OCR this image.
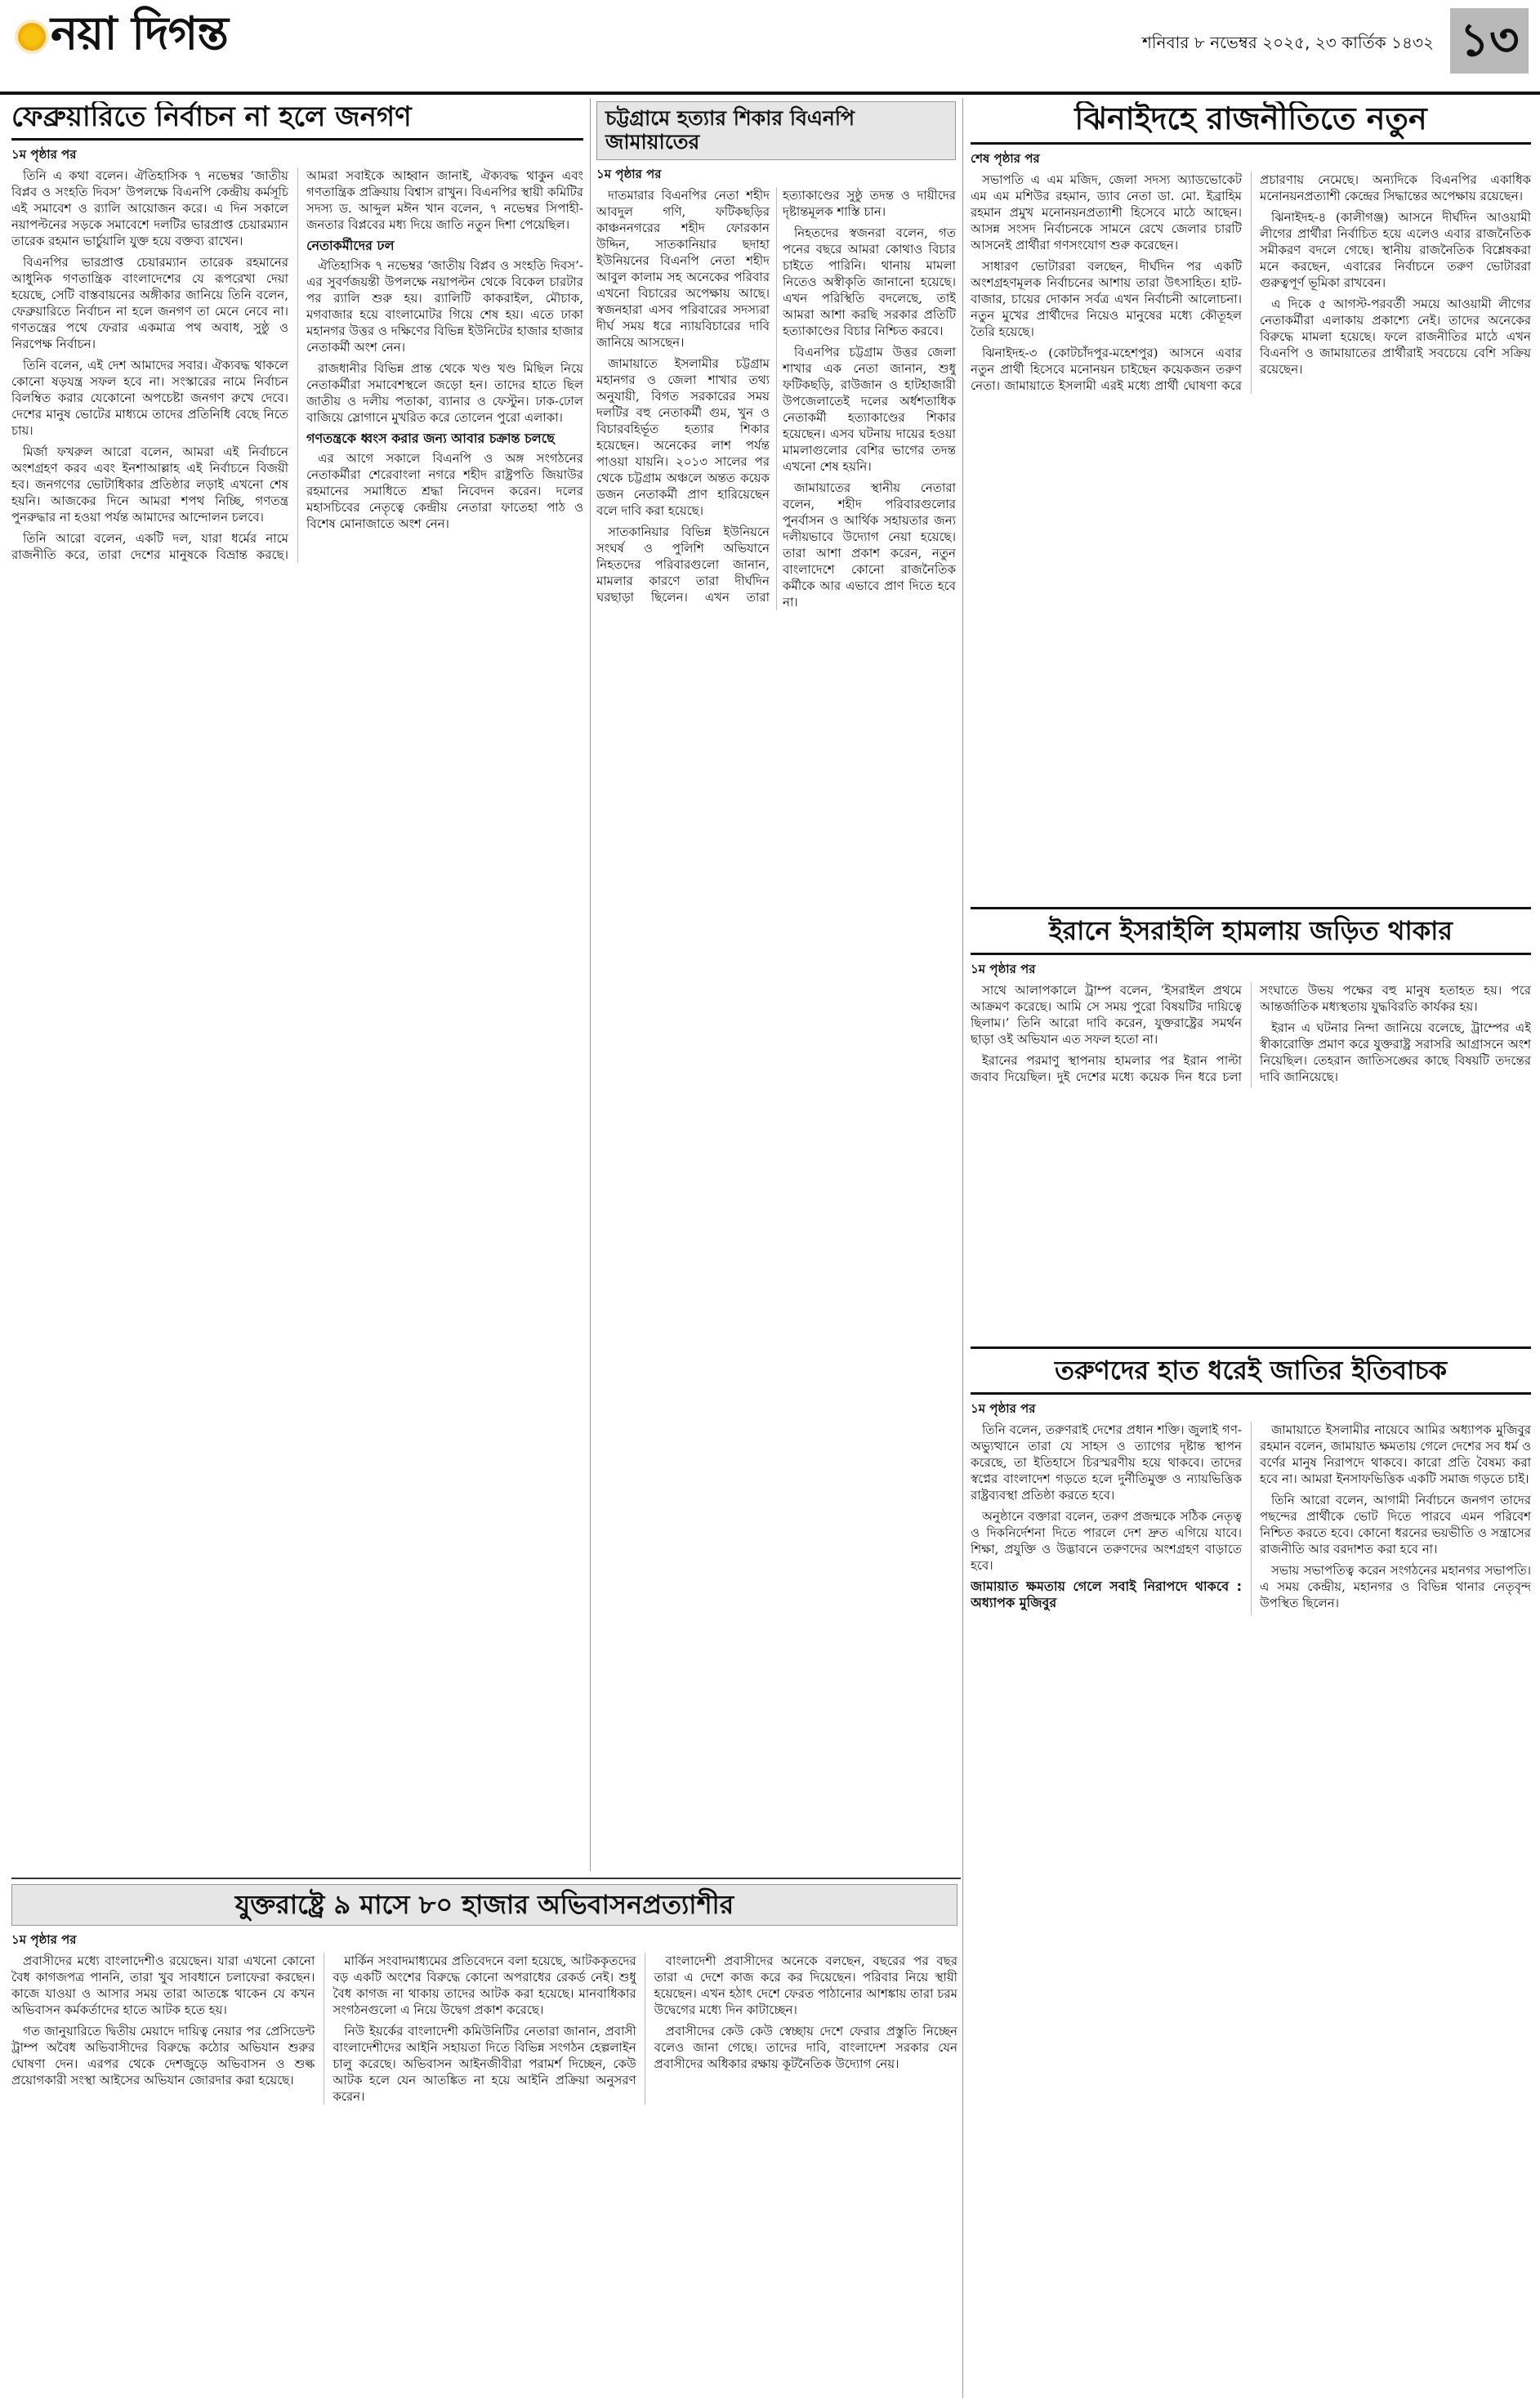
নয়া দিগন্ত	শনিবার ৮ নভেম্বর ২০২৫, ২৩ কার্তিক ১৪৩২ ১৩
ফেব্রুয়ারিতে নির্বাচন না হলে জনগণ
১ম পৃষ্ঠার পর

তিনি এ কথা বলেন। ঐতিহাসিক ৭ নভেম্বর ‘জাতীয় বিপ্লব ও সংহতি দিবস’ উপলক্ষে বিএনপি কেন্দ্রীয় কর্মসূচি এই সমাবেশ ও র‌্যালি আয়োজন করে। এ দিন সকালে নয়াপল্টনের সড়কে সমাবেশে দলটির ভারপ্রাপ্ত চেয়ারম্যান তারেক রহমান ভার্চুয়ালি যুক্ত হয়ে বক্তব্য রাখেন।

বিএনপির ভারপ্রাপ্ত চেয়ারম্যান তারেক রহমানের আধুনিক গণতান্ত্রিক বাংলাদেশের যে রূপরেখা দেয়া হয়েছে, সেটি বাস্তবায়নের অঙ্গীকার জানিয়ে তিনি বলেন, ফেব্রুয়ারিতে নির্বাচন না হলে জনগণ তা মেনে নেবে না। গণতন্ত্রের পথে ফেরার একমাত্র পথ অবাধ, সুষ্ঠু ও নিরপেক্ষ নির্বাচন।

তিনি বলেন, এই দেশ আমাদের সবার। ঐক্যবদ্ধ থাকলে কোনো ষড়যন্ত্র সফল হবে না। সংস্কারের নামে নির্বাচন বিলম্বিত করার যেকোনো অপচেষ্টা জনগণ রুখে দেবে। দেশের মানুষ ভোটের মাধ্যমে তাদের প্রতিনিধি বেছে নিতে চায়।

মির্জা ফখরুল আরো বলেন, আমরা এই নির্বাচনে অংশগ্রহণ করব এবং ইনশাআল্লাহ এই নির্বাচনে বিজয়ী হব। জনগণের ভোটাধিকার প্রতিষ্ঠার লড়াই এখনো শেষ হয়নি। আজকের দিনে আমরা শপথ নিচ্ছি, গণতন্ত্র পুনরুদ্ধার না হওয়া পর্যন্ত আমাদের আন্দোলন চলবে।

তিনি আরো বলেন, একটি দল, যারা ধর্মের নামে রাজনীতি করে, তারা দেশের মানুষকে বিভ্রান্ত করছে। আমরা সবাইকে আহ্বান জানাই, ঐক্যবদ্ধ থাকুন এবং গণতান্ত্রিক প্রক্রিয়ায় বিশ্বাস রাখুন। বিএনপির স্থায়ী কমিটির সদস্য ড. আব্দুল মঈন খান বলেন, ৭ নভেম্বর সিপাহী-জনতার বিপ্লবের মধ্য দিয়ে জাতি নতুন দিশা পেয়েছিল।

নেতাকর্মীদের ঢল

ঐতিহাসিক ৭ নভেম্বর ‘জাতীয় বিপ্লব ও সংহতি দিবস’-এর সুবর্ণজয়ন্তী উপলক্ষে নয়াপল্টন থেকে বিকেল চারটার পর র‌্যালি শুরু হয়। র‌্যালিটি কাকরাইল, মৌচাক, মগবাজার হয়ে বাংলামোটর গিয়ে শেষ হয়। এতে ঢাকা মহানগর উত্তর ও দক্ষিণের বিভিন্ন ইউনিটের হাজার হাজার নেতাকর্মী অংশ নেন।

রাজধানীর বিভিন্ন প্রান্ত থেকে খণ্ড খণ্ড মিছিল নিয়ে নেতাকর্মীরা সমাবেশস্থলে জড়ো হন। তাদের হাতে ছিল জাতীয় ও দলীয় পতাকা, ব্যানার ও ফেস্টুন। ঢাক-ঢোল বাজিয়ে স্লোগানে মুখরিত করে তোলেন পুরো এলাকা।

গণতন্ত্রকে ধ্বংস করার জন্য আবার চক্রান্ত চলছে

এর আগে সকালে বিএনপি ও অঙ্গ সংগঠনের নেতাকর্মীরা শেরেবাংলা নগরে শহীদ রাষ্ট্রপতি জিয়াউর রহমানের সমাধিতে শ্রদ্ধা নিবেদন করেন। দলের মহাসচিবের নেতৃত্বে কেন্দ্রীয় নেতারা ফাতেহা পাঠ ও বিশেষ মোনাজাতে অংশ নেন।

চট্টগ্রামে হত্যার শিকার বিএনপি জামায়াতের
১ম পৃষ্ঠার পর

দাতমারার বিএনপির নেতা শহীদ আবদুল গণি, ফটিকছড়ির কাঞ্চননগরের শহীদ ফোরকান উদ্দিন, সাতকানিয়ার ছদাহা ইউনিয়নের বিএনপি নেতা শহীদ আবুল কালাম সহ অনেকের পরিবার এখনো বিচারের অপেক্ষায় আছে। স্বজনহারা এসব পরিবারের সদস্যরা দীর্ঘ সময় ধরে ন্যায়বিচারের দাবি জানিয়ে আসছেন।

জামায়াতে ইসলামীর চট্টগ্রাম মহানগর ও জেলা শাখার তথ্য অনুযায়ী, বিগত সরকারের সময় দলটির বহু নেতাকর্মী গুম, খুন ও বিচারবহির্ভূত হত্যার শিকার হয়েছেন। অনেকের লাশ পর্যন্ত পাওয়া যায়নি। ২০১৩ সালের পর থেকে চট্টগ্রাম অঞ্চলে অন্তত কয়েক ডজন নেতাকর্মী প্রাণ হারিয়েছেন বলে দাবি করা হয়েছে।

সাতকানিয়ার বিভিন্ন ইউনিয়নে সংঘর্ষ ও পুলিশি অভিযানে নিহতদের পরিবারগুলো জানান, মামলার কারণে তারা দীর্ঘদিন ঘরছাড়া ছিলেন। এখন তারা হত্যাকাণ্ডের সুষ্ঠু তদন্ত ও দায়ীদের দৃষ্টান্তমূলক শাস্তি চান।

নিহতদের স্বজনরা বলেন, গত পনের বছরে আমরা কোথাও বিচার চাইতে পারিনি। থানায় মামলা নিতেও অস্বীকৃতি জানানো হয়েছে। এখন পরিস্থিতি বদলেছে, তাই আমরা আশা করছি সরকার প্রতিটি হত্যাকাণ্ডের বিচার নিশ্চিত করবে।

বিএনপির চট্টগ্রাম উত্তর জেলা শাখার এক নেতা জানান, শুধু ফটিকছড়ি, রাউজান ও হাটহাজারী উপজেলাতেই দলের অর্ধশতাধিক নেতাকর্মী হত্যাকাণ্ডের শিকার হয়েছেন। এসব ঘটনায় দায়ের হওয়া মামলাগুলোর বেশির ভাগের তদন্ত এখনো শেষ হয়নি।

জামায়াতের স্থানীয় নেতারা বলেন, শহীদ পরিবারগুলোর পুনর্বাসন ও আর্থিক সহায়তার জন্য দলীয়ভাবে উদ্যোগ নেয়া হয়েছে। তারা আশা প্রকাশ করেন, নতুন বাংলাদেশে কোনো রাজনৈতিক কর্মীকে আর এভাবে প্রাণ দিতে হবে না।

ঝিনাইদহে রাজনীতিতে নতুন
শেষ পৃষ্ঠার পর

সভাপতি এ এম মজিদ, জেলা সদস্য অ্যাডভোকেট এম এম মশিউর রহমান, ড্যাব নেতা ডা. মো. ইব্রাহিম রহমান প্রমুখ মনোনয়নপ্রত্যাশী হিসেবে মাঠে আছেন। আসন্ন সংসদ নির্বাচনকে সামনে রেখে জেলার চারটি আসনেই প্রার্থীরা গণসংযোগ শুরু করেছেন।

সাধারণ ভোটাররা বলছেন, দীর্ঘদিন পর একটি অংশগ্রহণমূলক নির্বাচনের আশায় তারা উৎসাহিত। হাট-বাজার, চায়ের দোকান সর্বত্র এখন নির্বাচনী আলোচনা। নতুন মুখের প্রার্থীদের নিয়েও মানুষের মধ্যে কৌতূহল তৈরি হয়েছে।

ঝিনাইদহ-৩ (কোটচাঁদপুর-মহেশপুর) আসনে এবার নতুন প্রার্থী হিসেবে মনোনয়ন চাইছেন কয়েকজন তরুণ নেতা। জামায়াতে ইসলামী এরই মধ্যে প্রার্থী ঘোষণা করে প্রচারণায় নেমেছে। অন্যদিকে বিএনপির একাধিক মনোনয়নপ্রত্যাশী কেন্দ্রের সিদ্ধান্তের অপেক্ষায় রয়েছেন।

ঝিনাইদহ-৪ (কালীগঞ্জ) আসনে দীর্ঘদিন আওয়ামী লীগের প্রার্থীরা নির্বাচিত হয়ে এলেও এবার রাজনৈতিক সমীকরণ বদলে গেছে। স্থানীয় রাজনৈতিক বিশ্লেষকরা মনে করছেন, এবারের নির্বাচনে তরুণ ভোটাররা গুরুত্বপূর্ণ ভূমিকা রাখবেন।

এ দিকে ৫ আগস্ট-পরবর্তী সময়ে আওয়ামী লীগের নেতাকর্মীরা এলাকায় প্রকাশ্যে নেই। তাদের অনেকের বিরুদ্ধে মামলা হয়েছে। ফলে রাজনীতির মাঠে এখন বিএনপি ও জামায়াতের প্রার্থীরাই সবচেয়ে বেশি সক্রিয় রয়েছেন।

ইরানে ইসরাইলি হামলায় জড়িত থাকার
১ম পৃষ্ঠার পর

সাথে আলাপকালে ট্রাম্প বলেন, ‘ইসরাইল প্রথমে আক্রমণ করেছে। আমি সে সময় পুরো বিষয়টির দায়িত্বে ছিলাম।’ তিনি আরো দাবি করেন, যুক্তরাষ্ট্রের সমর্থন ছাড়া ওই অভিযান এত সফল হতো না।

ইরানের পরমাণু স্থাপনায় হামলার পর ইরান পাল্টা জবাব দিয়েছিল। দুই দেশের মধ্যে কয়েক দিন ধরে চলা সংঘাতে উভয় পক্ষের বহু মানুষ হতাহত হয়। পরে আন্তর্জাতিক মধ্যস্থতায় যুদ্ধবিরতি কার্যকর হয়।

ইরান এ ঘটনার নিন্দা জানিয়ে বলেছে, ট্রাম্পের এই স্বীকারোক্তি প্রমাণ করে যুক্তরাষ্ট্র সরাসরি আগ্রাসনে অংশ নিয়েছিল। তেহরান জাতিসঙ্ঘের কাছে বিষয়টি তদন্তের দাবি জানিয়েছে।

তরুণদের হাত ধরেই জাতির ইতিবাচক
১ম পৃষ্ঠার পর

তিনি বলেন, তরুণরাই দেশের প্রধান শক্তি। জুলাই গণ-অভ্যুত্থানে তারা যে সাহস ও ত্যাগের দৃষ্টান্ত স্থাপন করেছে, তা ইতিহাসে চিরস্মরণীয় হয়ে থাকবে। তাদের স্বপ্নের বাংলাদেশ গড়তে হলে দুর্নীতিমুক্ত ও ন্যায়ভিত্তিক রাষ্ট্রব্যবস্থা প্রতিষ্ঠা করতে হবে।

অনুষ্ঠানে বক্তারা বলেন, তরুণ প্রজন্মকে সঠিক নেতৃত্ব ও দিকনির্দেশনা দিতে পারলে দেশ দ্রুত এগিয়ে যাবে। শিক্ষা, প্রযুক্তি ও উদ্ভাবনে তরুণদের অংশগ্রহণ বাড়াতে হবে।

জামায়াত ক্ষমতায় গেলে সবাই নিরাপদে থাকবে : অধ্যাপক মুজিবুর

জামায়াতে ইসলামীর নায়েবে আমির অধ্যাপক মুজিবুর রহমান বলেন, জামায়াত ক্ষমতায় গেলে দেশের সব ধর্ম ও বর্ণের মানুষ নিরাপদে থাকবে। কারো প্রতি বৈষম্য করা হবে না। আমরা ইনসাফভিত্তিক একটি সমাজ গড়তে চাই।

তিনি আরো বলেন, আগামী নির্বাচনে জনগণ তাদের পছন্দের প্রার্থীকে ভোট দিতে পারবে এমন পরিবেশ নিশ্চিত করতে হবে। কোনো ধরনের ভয়ভীতি ও সন্ত্রাসের রাজনীতি আর বরদাশত করা হবে না।

সভায় সভাপতিত্ব করেন সংগঠনের মহানগর সভাপতি। এ সময় কেন্দ্রীয়, মহানগর ও বিভিন্ন থানার নেতৃবৃন্দ উপস্থিত ছিলেন।

যুক্তরাষ্ট্রে ৯ মাসে ৮০ হাজার অভিবাসনপ্রত্যাশীর
১ম পৃষ্ঠার পর

প্রবাসীদের মধ্যে বাংলাদেশীও রয়েছেন। যারা এখনো কোনো বৈধ কাগজপত্র পাননি, তারা খুব সাবধানে চলাফেরা করছেন। কাজে যাওয়া ও আসার সময় তারা আতঙ্কে থাকেন যে কখন অভিবাসন কর্মকর্তাদের হাতে আটক হতে হয়।

গত জানুয়ারিতে দ্বিতীয় মেয়াদে দায়িত্ব নেয়ার পর প্রেসিডেন্ট ট্রাম্প অবৈধ অভিবাসীদের বিরুদ্ধে কঠোর অভিযান শুরুর ঘোষণা দেন। এরপর থেকে দেশজুড়ে অভিবাসন ও শুল্ক প্রয়োগকারী সংস্থা আইসের অভিযান জোরদার করা হয়েছে।

মার্কিন সংবাদমাধ্যমের প্রতিবেদনে বলা হয়েছে, আটককৃতদের বড় একটি অংশের বিরুদ্ধে কোনো অপরাধের রেকর্ড নেই। শুধু বৈধ কাগজ না থাকায় তাদের আটক করা হয়েছে। মানবাধিকার সংগঠনগুলো এ নিয়ে উদ্বেগ প্রকাশ করেছে।

নিউ ইয়র্কের বাংলাদেশী কমিউনিটির নেতারা জানান, প্রবাসী বাংলাদেশীদের আইনি সহায়তা দিতে বিভিন্ন সংগঠন হেল্পলাইন চালু করেছে। অভিবাসন আইনজীবীরা পরামর্শ দিচ্ছেন, কেউ আটক হলে যেন আতঙ্কিত না হয়ে আইনি প্রক্রিয়া অনুসরণ করেন।

বাংলাদেশী প্রবাসীদের অনেকে বলছেন, বছরের পর বছর তারা এ দেশে কাজ করে কর দিয়েছেন। পরিবার নিয়ে স্থায়ী হয়েছেন। এখন হঠাৎ দেশে ফেরত পাঠানোর আশঙ্কায় তারা চরম উদ্বেগের মধ্যে দিন কাটাচ্ছেন।

প্রবাসীদের কেউ কেউ স্বেচ্ছায় দেশে ফেরার প্রস্তুতি নিচ্ছেন বলেও জানা গেছে। তাদের দাবি, বাংলাদেশ সরকার যেন প্রবাসীদের অধিকার রক্ষায় কূটনৈতিক উদ্যোগ নেয়।
